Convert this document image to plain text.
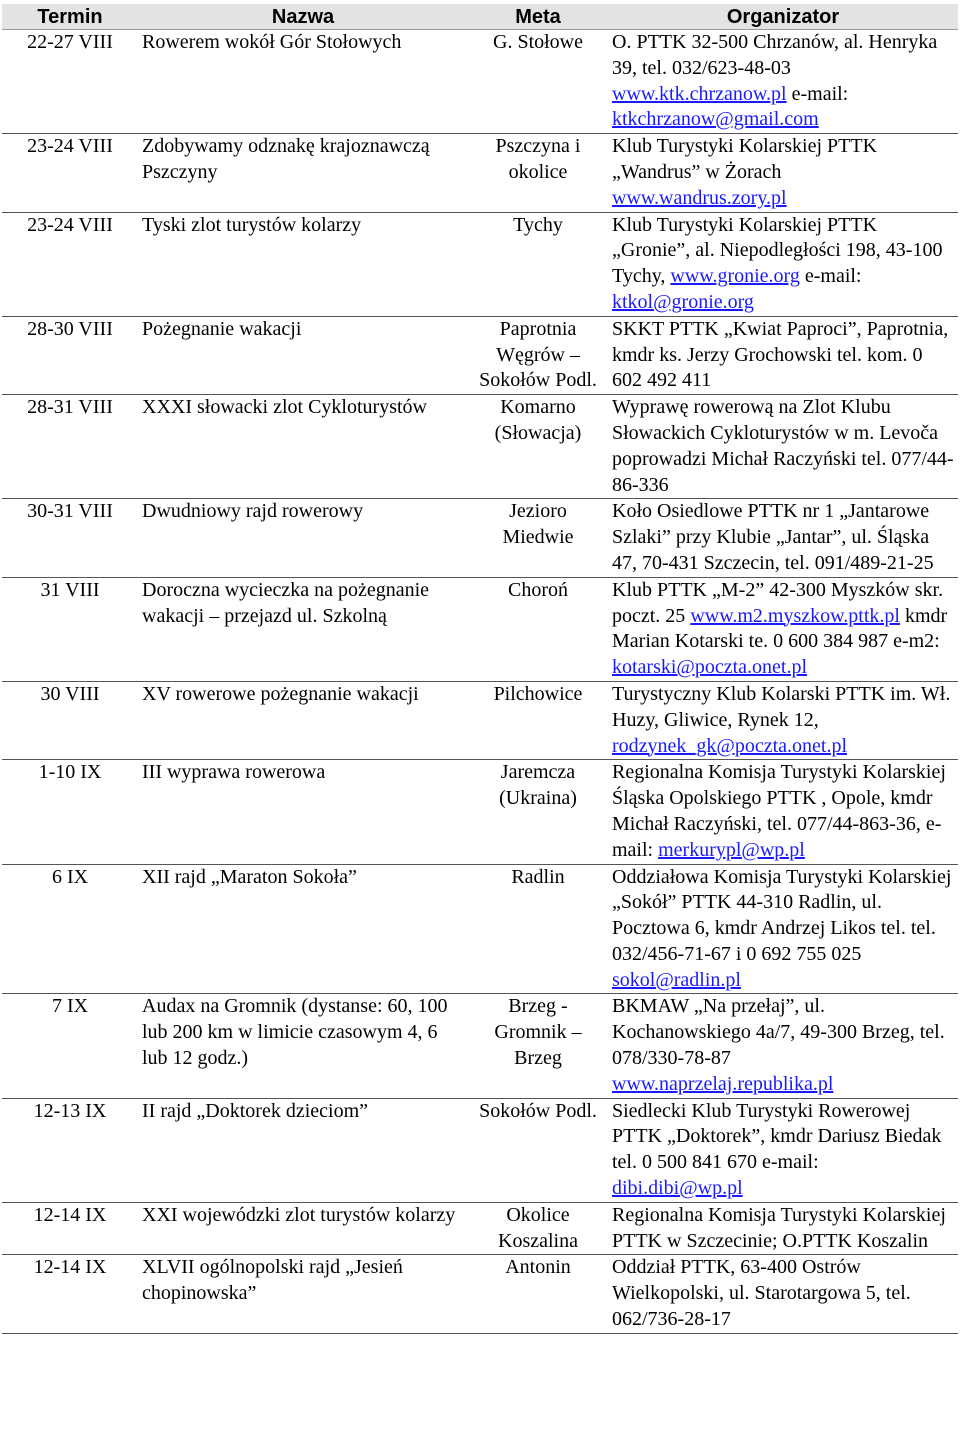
Termin	Nazwa	Meta	Organizator
22-27 VIII	Rowerem wokół Gór Stołowych	G. Stołowe	O. PTTK 32-500 Chrzanów, al. Henryka 39, tel. 032/623-48-03 www.ktk.chrzanow.pl e-mail: ktkchrzanow@gmail.com
23-24 VIII	Zdobywamy odznakę krajoznawczą Pszczyny	Pszczyna i okolice	Klub Turystyki Kolarskiej PTTK „Wandrus” w Żorach www.wandrus.zory.pl
23-24 VIII	Tyski zlot turystów kolarzy	Tychy	Klub Turystyki Kolarskiej PTTK „Gronie”, al. Niepodległości 198, 43-100 Tychy, www.gronie.org e-mail: ktkol@gronie.org
28-30 VIII	Pożegnanie wakacji	Paprotnia Węgrów – Sokołów Podl.	SKKT PTTK „Kwiat Paproci”, Paprotnia, kmdr ks. Jerzy Grochowski tel. kom. 0 602 492 411
28-31 VIII	XXXI słowacki zlot Cykloturystów	Komarno (Słowacja)	Wyprawę rowerową na Zlot Klubu Słowackich Cykloturystów w m. Levoča poprowadzi Michał Raczyński tel. 077/44-86-336
30-31 VIII	Dwudniowy rajd rowerowy	Jezioro Miedwie	Koło Osiedlowe PTTK nr 1 „Jantarowe Szlaki” przy Klubie „Jantar”, ul. Śląska 47, 70-431 Szczecin, tel. 091/489-21-25
31 VIII	Doroczna wycieczka na pożegnanie wakacji – przejazd ul. Szkolną	Choroń	Klub PTTK „M-2” 42-300 Myszków skr. poczt. 25 www.m2.myszkow.pttk.pl kmdr Marian Kotarski te. 0 600 384 987 e-m2: kotarski@poczta.onet.pl
30 VIII	XV rowerowe pożegnanie wakacji	Pilchowice	Turystyczny Klub Kolarski PTTK im. Wł. Huzy, Gliwice, Rynek 12, rodzynek_gk@poczta.onet.pl
1-10 IX	III wyprawa rowerowa	Jaremcza (Ukraina)	Regionalna Komisja Turystyki Kolarskiej Śląska Opolskiego PTTK , Opole, kmdr Michał Raczyński, tel. 077/44-863-36, e-mail: merkurypl@wp.pl
6 IX	XII rajd „Maraton Sokoła”	Radlin	Oddziałowa Komisja Turystyki Kolarskiej „Sokół” PTTK 44-310 Radlin, ul. Pocztowa 6, kmdr Andrzej Likos tel. tel. 032/456-71-67 i 0 692 755 025 sokol@radlin.pl
7 IX	Audax na Gromnik (dystanse: 60, 100 lub 200 km w limicie czasowym 4, 6 lub 12 godz.)	Brzeg - Gromnik – Brzeg	BKMAW „Na przełaj”, ul. Kochanowskiego 4a/7, 49-300 Brzeg, tel. 078/330-78-87 www.naprzelaj.republika.pl
12-13 IX	II rajd „Doktorek dzieciom”	Sokołów Podl.	Siedlecki Klub Turystyki Rowerowej PTTK „Doktorek”, kmdr Dariusz Biedak tel. 0 500 841 670 e-mail: dibi.dibi@wp.pl
12-14 IX	XXI wojewódzki zlot turystów kolarzy	Okolice Koszalina	Regionalna Komisja Turystyki Kolarskiej PTTK w Szczecinie; O.PTTK Koszalin
12-14 IX	XLVII ogólnopolski rajd „Jesień chopinowska”	Antonin	Oddział PTTK, 63-400 Ostrów Wielkopolski, ul. Starotargowa 5, tel. 062/736-28-17
